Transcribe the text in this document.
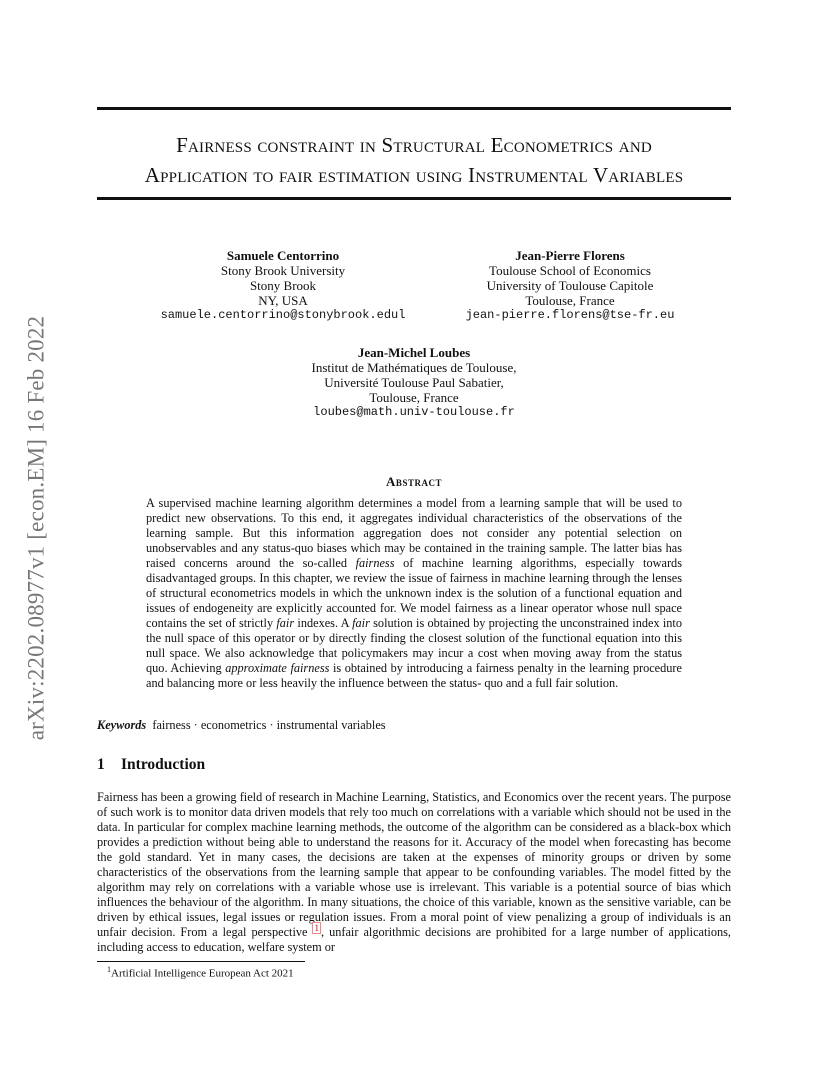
arXiv:2202.08977v1 [econ.EM] 16 Feb 2022
Fairness constraint in Structural Econometrics and
Application to fair estimation using Instrumental Variables
Samuele Centorrino
Stony Brook University
Stony Brook
NY, USA
samuele.centorrino@stonybrook.edul
Jean-Pierre Florens
Toulouse School of Economics
University of Toulouse Capitole
Toulouse, France
jean-pierre.florens@tse-fr.eu
Jean-Michel Loubes
Institut de Mathématiques de Toulouse,
Université Toulouse Paul Sabatier,
Toulouse, France
loubes@math.univ-toulouse.fr
Abstract
A supervised machine learning algorithm determines a model from a learning sample that will be used to predict new observations. To this end, it aggregates individual characteristics of the observations of the learning sample. But this information aggregation does not consider any potential selection on unobservables and any status-quo biases which may be contained in the training sample. The latter bias has raised concerns around the so-called fairness of machine learning algorithms, especially towards disadvantaged groups. In this chapter, we review the issue of fairness in machine learning through the lenses of structural econometrics models in which the unknown index is the solution of a functional equation and issues of endogeneity are explicitly accounted for. We model fairness as a linear operator whose null space contains the set of strictly fair indexes. A fair solution is obtained by projecting the unconstrained index into the null space of this operator or by directly finding the closest solution of the functional equation into this null space. We also acknowledge that policymakers may incur a cost when moving away from the status quo. Achieving approximate fairness is obtained by introducing a fairness penalty in the learning procedure and balancing more or less heavily the influence between the status- quo and a full fair solution.
Keywords fairness · econometrics · instrumental variables
1 Introduction
Fairness has been a growing field of research in Machine Learning, Statistics, and Economics over the recent years. The purpose of such work is to monitor data driven models that rely too much on correlations with a variable which should not be used in the data. In particular for complex machine learning methods, the outcome of the algorithm can be considered as a black-box which provides a prediction without being able to understand the reasons for it. Accuracy of the model when forecasting has become the gold standard. Yet in many cases, the decisions are taken at the expenses of minority groups or driven by some characteristics of the observations from the learning sample that appear to be confounding variables. The model fitted by the algorithm may rely on correlations with a variable whose use is irrelevant. This variable is a potential source of bias which influences the behaviour of the algorithm. In many situations, the choice of this variable, known as the sensitive variable, can be driven by ethical issues, legal issues or regulation issues. From a moral point of view penalizing a group of individuals is an unfair decision. From a legal perspective $^1$ , unfair algorithmic decisions are prohibited for a large number of applications, including access to education, welfare system or
$^1$Artificial Intelligence European Act 2021
